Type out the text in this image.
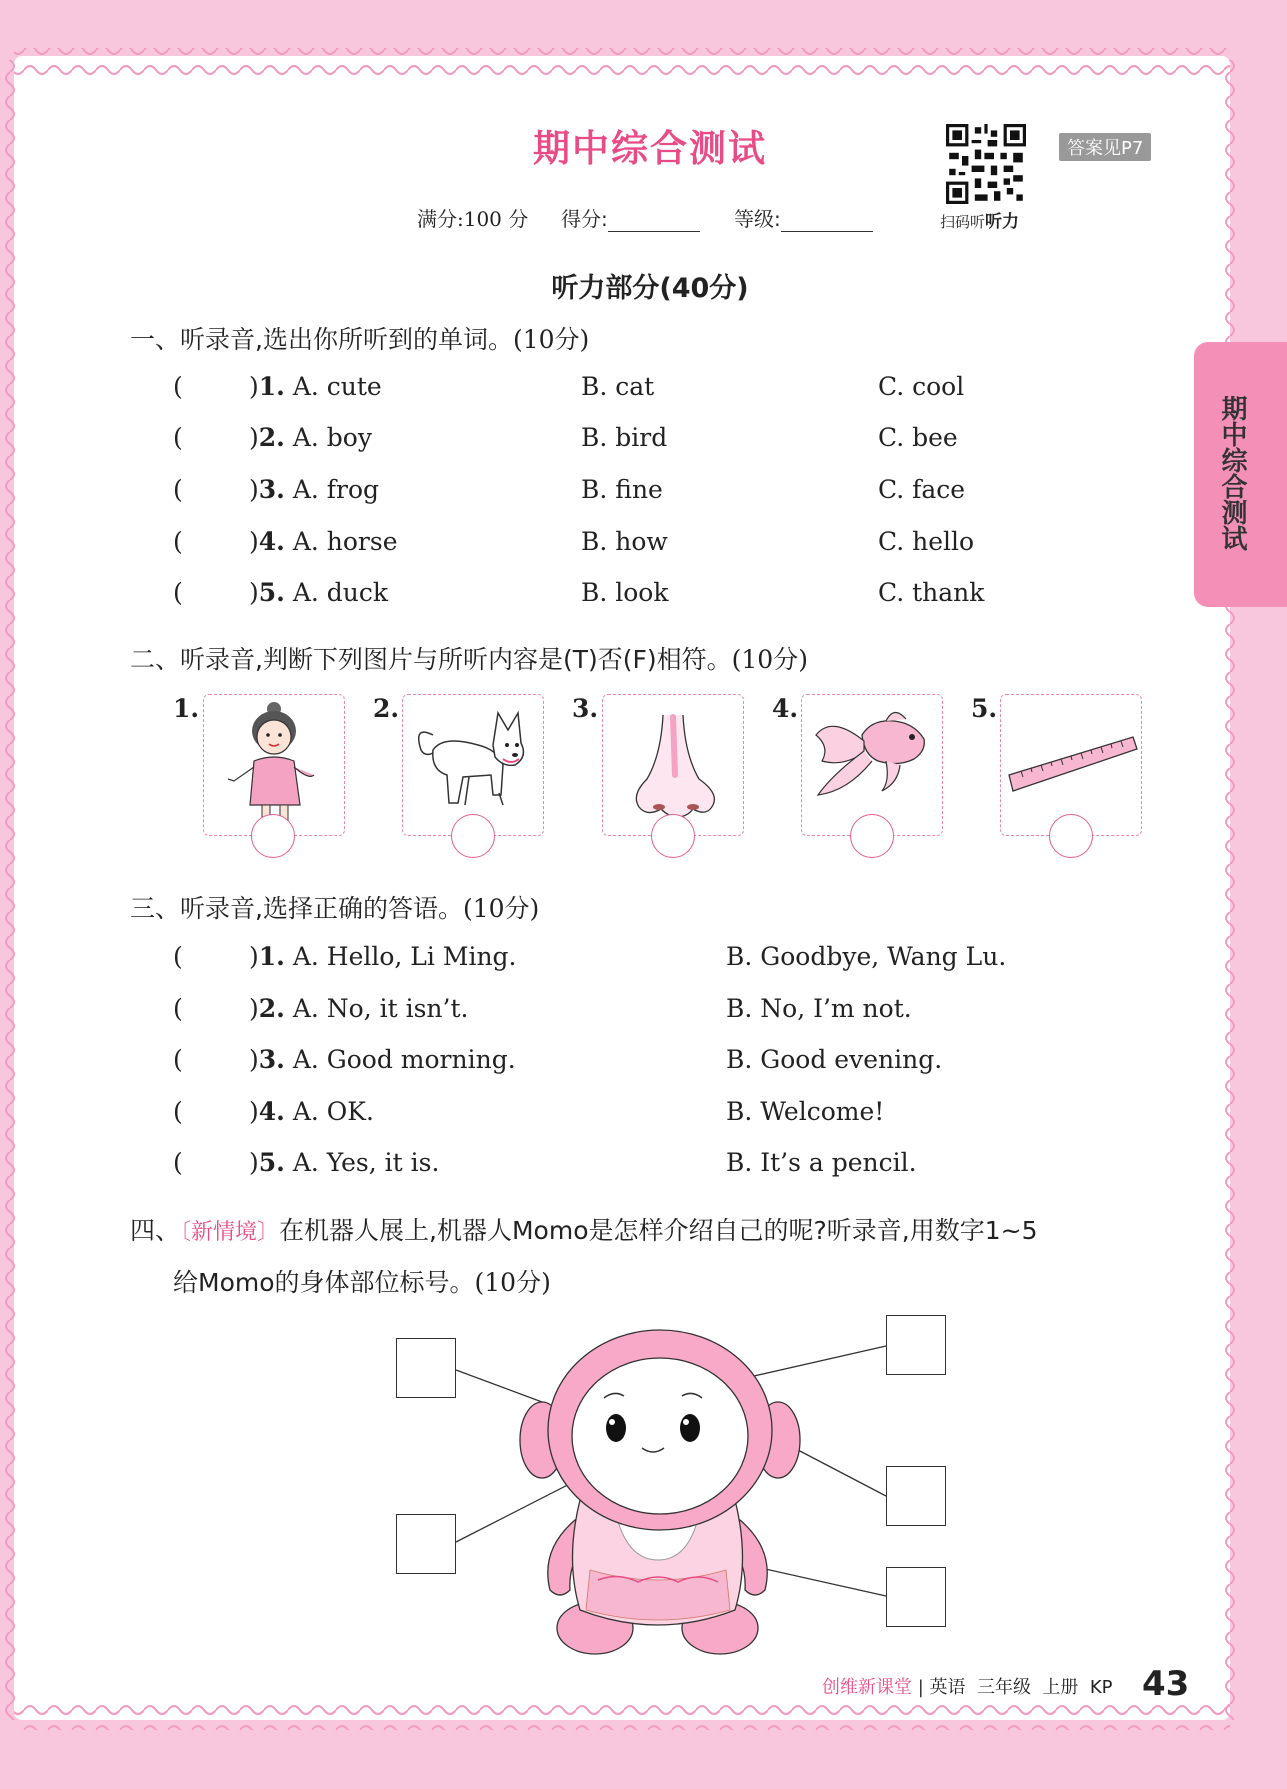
期中综合测试
期中综合测试
扫码听听力
答案见P7
满分:100 分 得分:	等级:
听力部分(40分)
一、听录音,选出你所听到的单词。(10分)
(	)1. A. cute	B. cat	C. cool
(	)2. A. boy	B. bird	C. bee
(	)3. A. frog	B. fine	C. face
(	)4. A. horse	B. how	C. hello
(	)5. A. duck	B. look	C. thank
二、听录音,判断下列图片与所听内容是(T)否(F)相符。(10分)
1.	2.	3.	4.	5.
三、听录音,选择正确的答语。(10分)
(	)1. A. Hello, Li Ming.	B. Goodbye, Wang Lu.
(	)2. A. No, it isn’t.	B. No, I’m not.
(	)3. A. Good morning.	B. Good evening.
(	)4. A. OK.	B. Welcome!
(	)5. A. Yes, it is.	B. It’s a pencil.
四、〔新情境〕在机器人展上,机器人Momo是怎样介绍自己的呢?听录音,用数字1~5
给Momo的身体部位标号。(10分)
创维新课堂 | 英语 三年级 上册 KP 43
